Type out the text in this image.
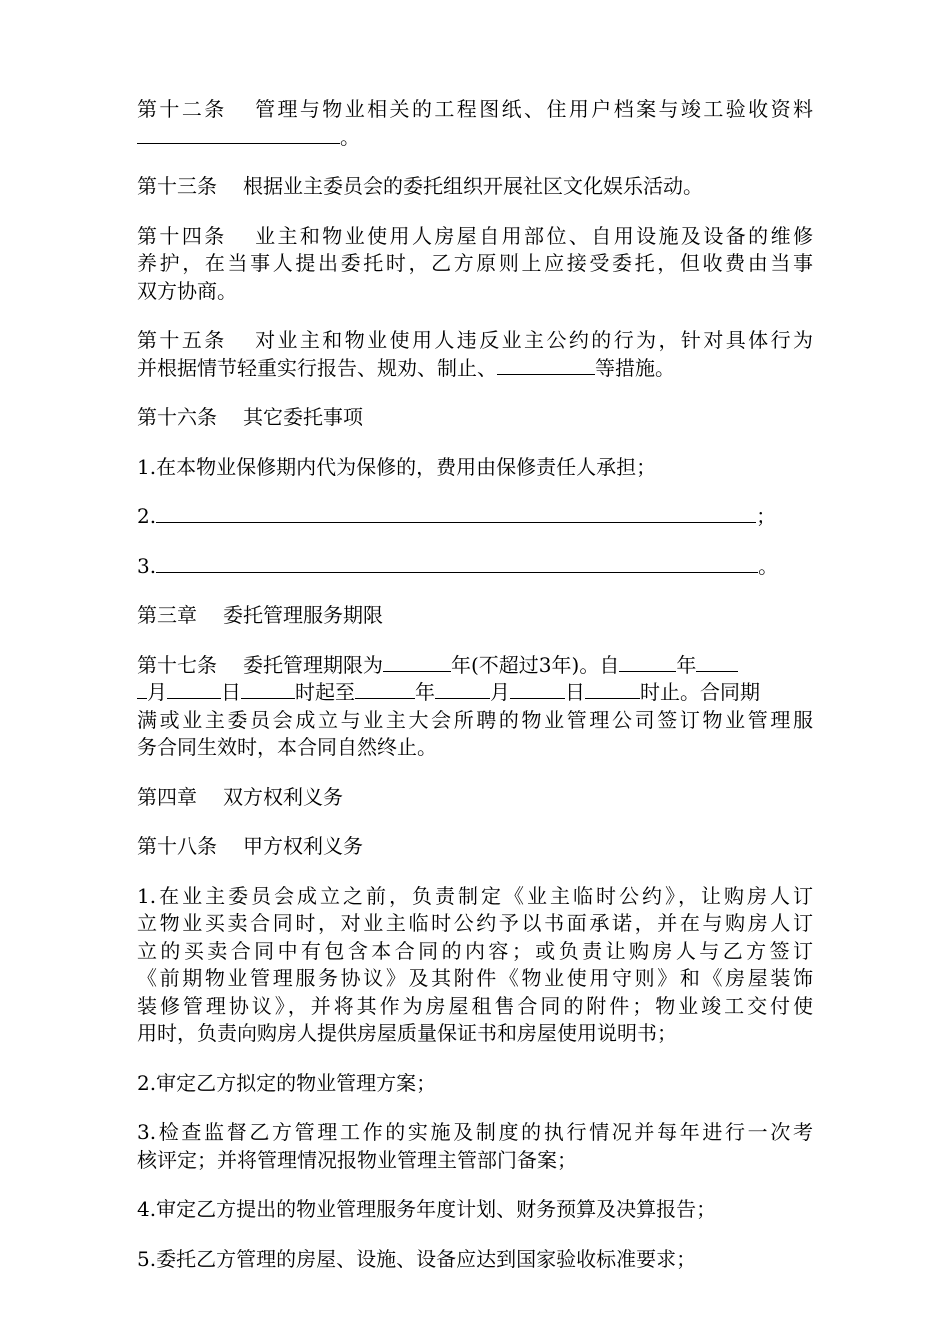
第十二条 管理与物业相关的工程图纸、住用户档案与竣工验收资料
。

第十三条 根据业主委员会的委托组织开展社区文化娱乐活动。

第十四条 业主和物业使用人房屋自用部位、自用设施及设备的维修
养护，在当事人提出委托时，乙方原则上应接受委托，但收费由当事
双方协商。

第十五条 对业主和物业使用人违反业主公约的行为，针对具体行为
并根据情节轻重实行报告、规劝、制止、	等措施。

第十六条 其它委托事项

1.在本物业保修期内代为保修的，费用由保修责任人承担；

2.	；

3.	。

第三章 委托管理服务期限

第十七条 委托管理期限为	年(不超过3年)。自	年
月	日	时起至	年	月	日	时止。合同期
满或业主委员会成立与业主大会所聘的物业管理公司签订物业管理服
务合同生效时，本合同自然终止。

第四章 双方权利义务

第十八条 甲方权利义务

1.在业主委员会成立之前，负责制定《业主临时公约》，让购房人订
立物业买卖合同时，对业主临时公约予以书面承诺，并在与购房人订
立的买卖合同中有包含本合同的内容；或负责让购房人与乙方签订
《前期物业管理服务协议》及其附件《物业使用守则》和《房屋装饰
装修管理协议》，并将其作为房屋租售合同的附件；物业竣工交付使
用时，负责向购房人提供房屋质量保证书和房屋使用说明书；

2.审定乙方拟定的物业管理方案；

3.检查监督乙方管理工作的实施及制度的执行情况并每年进行一次考
核评定；并将管理情况报物业管理主管部门备案；

4.审定乙方提出的物业管理服务年度计划、财务预算及决算报告；

5.委托乙方管理的房屋、设施、设备应达到国家验收标准要求；
